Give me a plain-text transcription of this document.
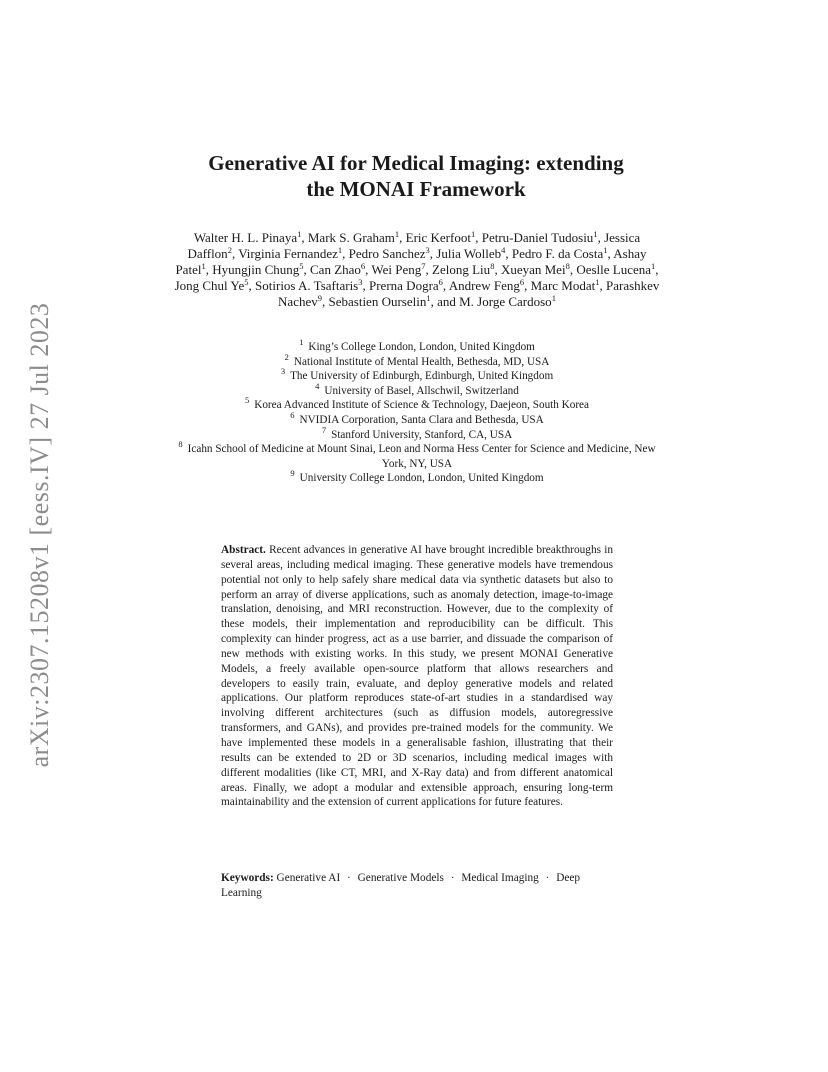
arXiv:2307.15208v1 [eess.IV] 27 Jul 2023
Generative AI for Medical Imaging: extending
the MONAI Framework
Walter H. L. Pinaya$^1$, Mark S. Graham$^1$, Eric Kerfoot$^1$, Petru-Daniel Tudosiu$^1$, Jessica Dafflon$^2$, Virginia Fernandez$^1$, Pedro Sanchez$^3$, Julia Wolleb$^4$, Pedro F. da Costa$^1$, Ashay Patel$^1$, Hyungjin Chung$^5$, Can Zhao$^6$, Wei Peng$^7$, Zelong Liu$^8$, Xueyan Mei$^8$, Oeslle Lucena$^1$, Jong Chul Ye$^5$, Sotirios A. Tsaftaris$^3$, Prerna Dogra$^6$, Andrew Feng$^6$, Marc Modat$^1$, Parashkev Nachev$^9$, Sebastien Ourselin$^1$, and M. Jorge Cardoso$^1$

$^1$ King’s College London, London, United Kingdom

$^2$ National Institute of Mental Health, Bethesda, MD, USA

$^3$ The University of Edinburgh, Edinburgh, United Kingdom

$^4$ University of Basel, Allschwil, Switzerland

$^5$ Korea Advanced Institute of Science & Technology, Daejeon, South Korea

$^6$ NVIDIA Corporation, Santa Clara and Bethesda, USA

$^7$ Stanford University, Stanford, CA, USA

$^8$ Icahn School of Medicine at Mount Sinai, Leon and Norma Hess Center for Science and Medicine, New York, NY, USA

$^9$ University College London, London, United Kingdom

Abstract. Recent advances in generative AI have brought incredible breakthroughs in several areas, including medical imaging. These generative models have tremendous potential not only to help safely share medical data via synthetic datasets but also to perform an array of diverse applications, such as anomaly detection, image-to-image translation, denoising, and MRI reconstruction. However, due to the complexity of these models, their implementation and reproducibility can be difficult. This complexity can hinder progress, act as a use barrier, and dissuade the comparison of new methods with existing works. In this study, we present MONAI Generative Models, a freely available open-source platform that allows researchers and developers to easily train, evaluate, and deploy generative models and related applications. Our platform reproduces state-of-art studies in a standardised way involving different architectures (such as diffusion models, autoregressive transformers, and GANs), and provides pre-trained models for the community. We have implemented these models in a generalisable fashion, illustrating that their results can be extended to 2D or 3D scenarios, including medical images with different modalities (like CT, MRI, and X-Ray data) and from different anatomical areas. Finally, we adopt a modular and extensible approach, ensuring long-term maintainability and the extension of current applications for future features.
Keywords: Generative AI · Generative Models · Medical Imaging · Deep Learning
